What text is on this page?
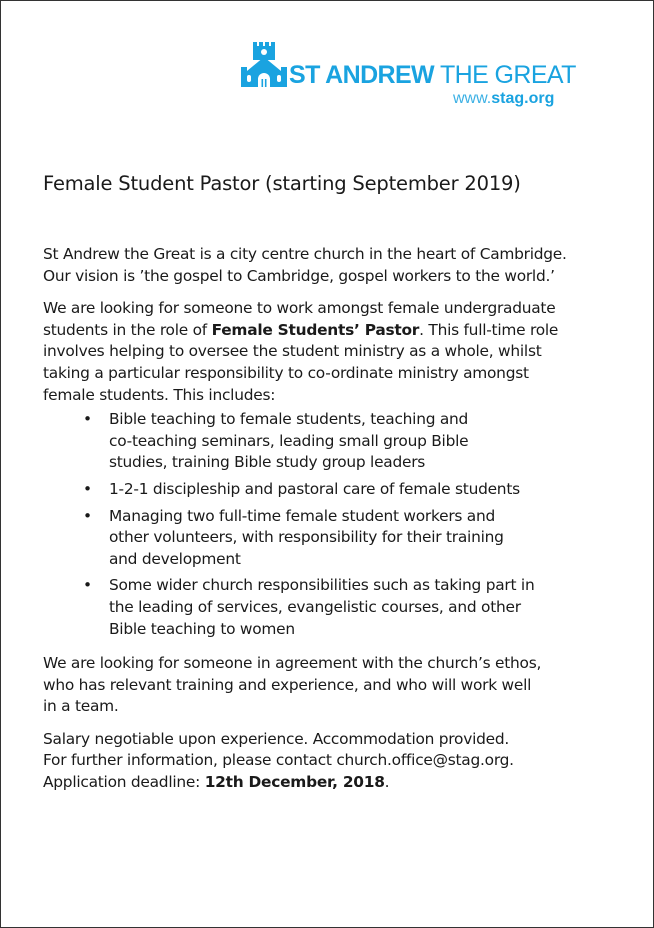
ST ANDREW THE GREAT
www.stag.org
Female Student Pastor (starting September 2019)

St Andrew the Great is a city centre church in the heart of Cambridge.
Our vision is ’the gospel to Cambridge, gospel workers to the world.’

We are looking for someone to work amongst female undergraduate
students in the role of Female Students’ Pastor. This full-time role
involves helping to oversee the student ministry as a whole, whilst
taking a particular responsibility to co-ordinate ministry amongst
female students. This includes:

• Bible teaching to female students, teaching and
co-teaching seminars, leading small group Bible
studies, training Bible study group leaders
• 1-2-1 discipleship and pastoral care of female students
• Managing two full-time female student workers and
other volunteers, with responsibility for their training
and development
• Some wider church responsibilities such as taking part in
the leading of services, evangelistic courses, and other
Bible teaching to women

We are looking for someone in agreement with the church’s ethos,
who has relevant training and experience, and who will work well
in a team.

Salary negotiable upon experience. Accommodation provided.
For further information, please contact church.office@stag.org.
Application deadline: 12th December, 2018.
